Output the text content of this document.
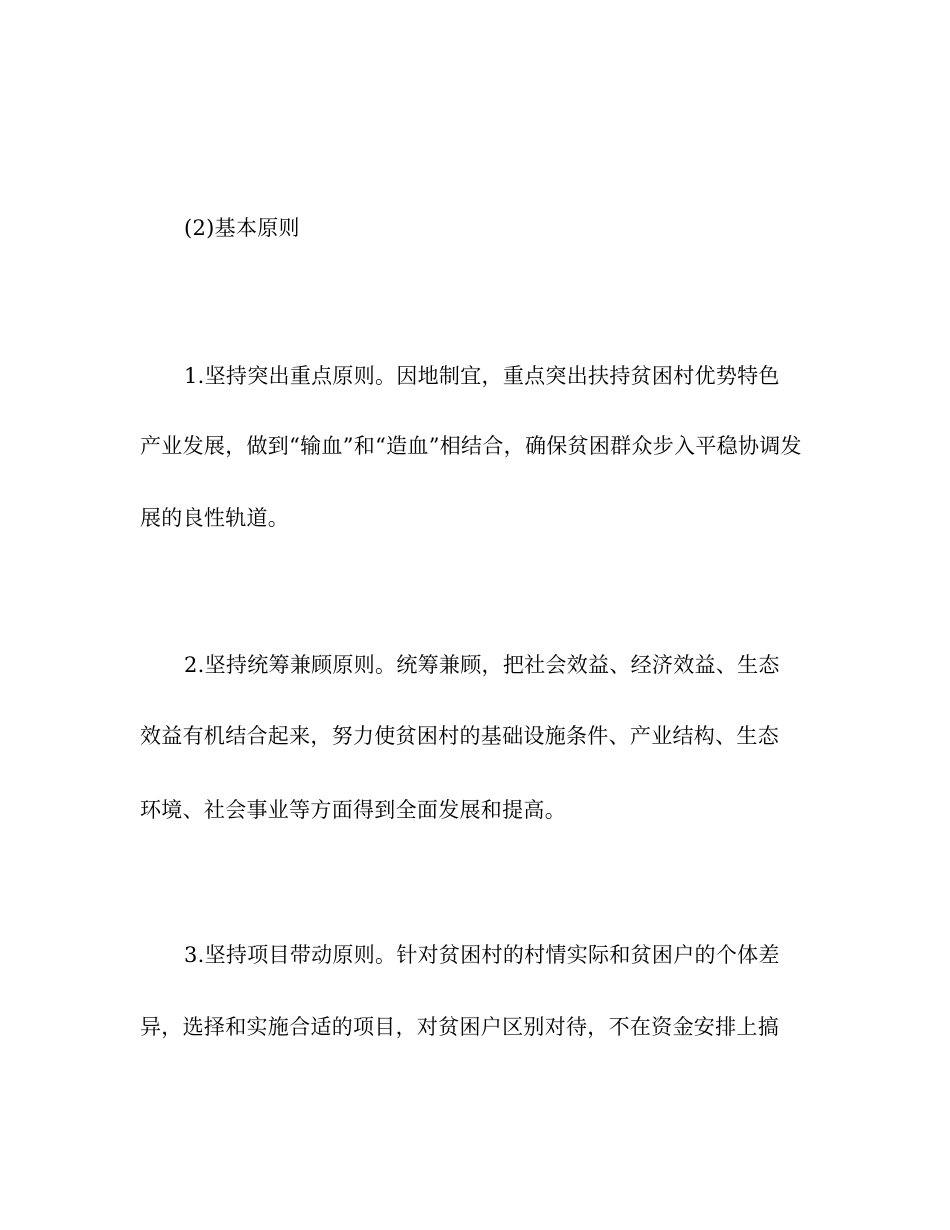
(2)基本原则
1.坚持突出重点原则。因地制宜，重点突出扶持贫困村优势特色
产业发展，做到“输血”和“造血”相结合，确保贫困群众步入平稳协调发
展的良性轨道。
2.坚持统筹兼顾原则。统筹兼顾，把社会效益、经济效益、生态
效益有机结合起来，努力使贫困村的基础设施条件、产业结构、生态
环境、社会事业等方面得到全面发展和提高。
3.坚持项目带动原则。针对贫困村的村情实际和贫困户的个体差
异，选择和实施合适的项目，对贫困户区别对待，不在资金安排上搞
